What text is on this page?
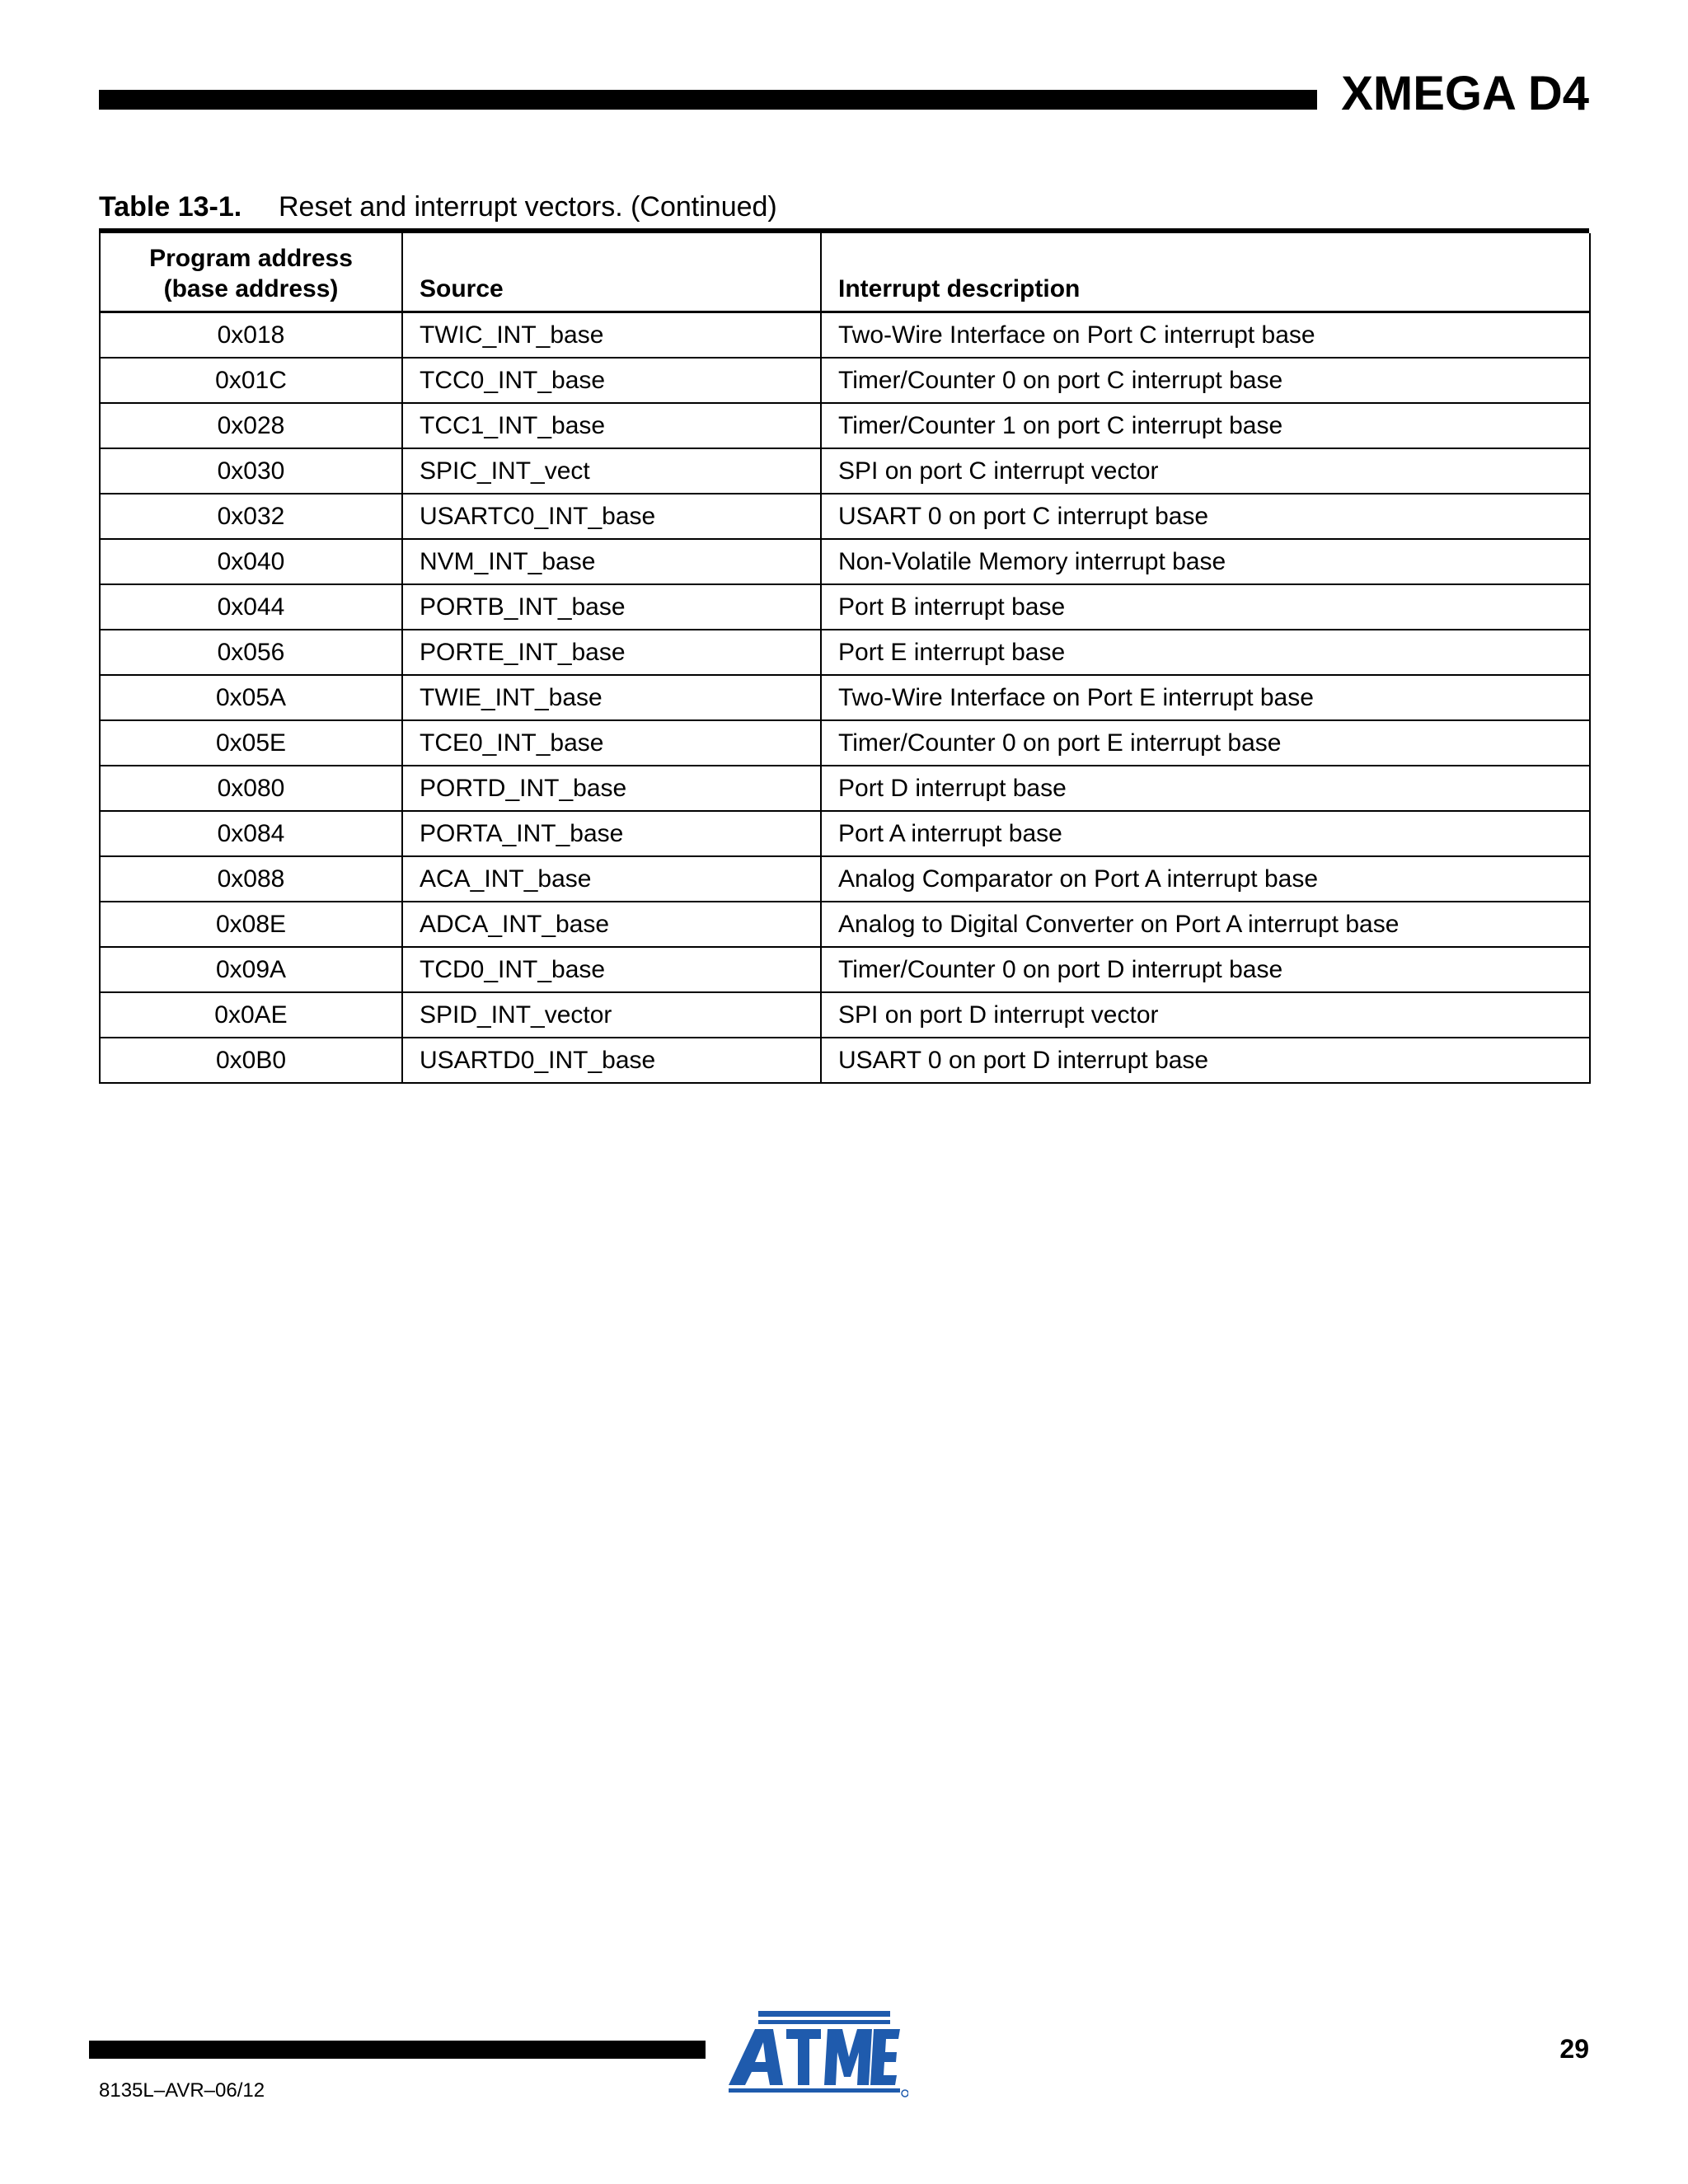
XMEGA D4
Table 13-1. Reset and interrupt vectors. (Continued)
Program address
(base address)	Source	Interrupt description
0x018	TWIC_INT_base	Two-Wire Interface on Port C interrupt base
0x01C	TCC0_INT_base	Timer/Counter 0 on port C interrupt base
0x028	TCC1_INT_base	Timer/Counter 1 on port C interrupt base
0x030	SPIC_INT_vect	SPI on port C interrupt vector
0x032	USARTC0_INT_base	USART 0 on port C interrupt base
0x040	NVM_INT_base	Non-Volatile Memory interrupt base
0x044	PORTB_INT_base	Port B interrupt base
0x056	PORTE_INT_base	Port E interrupt base
0x05A	TWIE_INT_base	Two-Wire Interface on Port E interrupt base
0x05E	TCE0_INT_base	Timer/Counter 0 on port E interrupt base
0x080	PORTD_INT_base	Port D interrupt base
0x084	PORTA_INT_base	Port A interrupt base
0x088	ACA_INT_base	Analog Comparator on Port A interrupt base
0x08E	ADCA_INT_base	Analog to Digital Converter on Port A interrupt base
0x09A	TCD0_INT_base	Timer/Counter 0 on port D interrupt base
0x0AE	SPID_INT_vector	SPI on port D interrupt vector
0x0B0	USARTD0_INT_base	USART 0 on port D interrupt base
8135L–AVR–06/12
29
